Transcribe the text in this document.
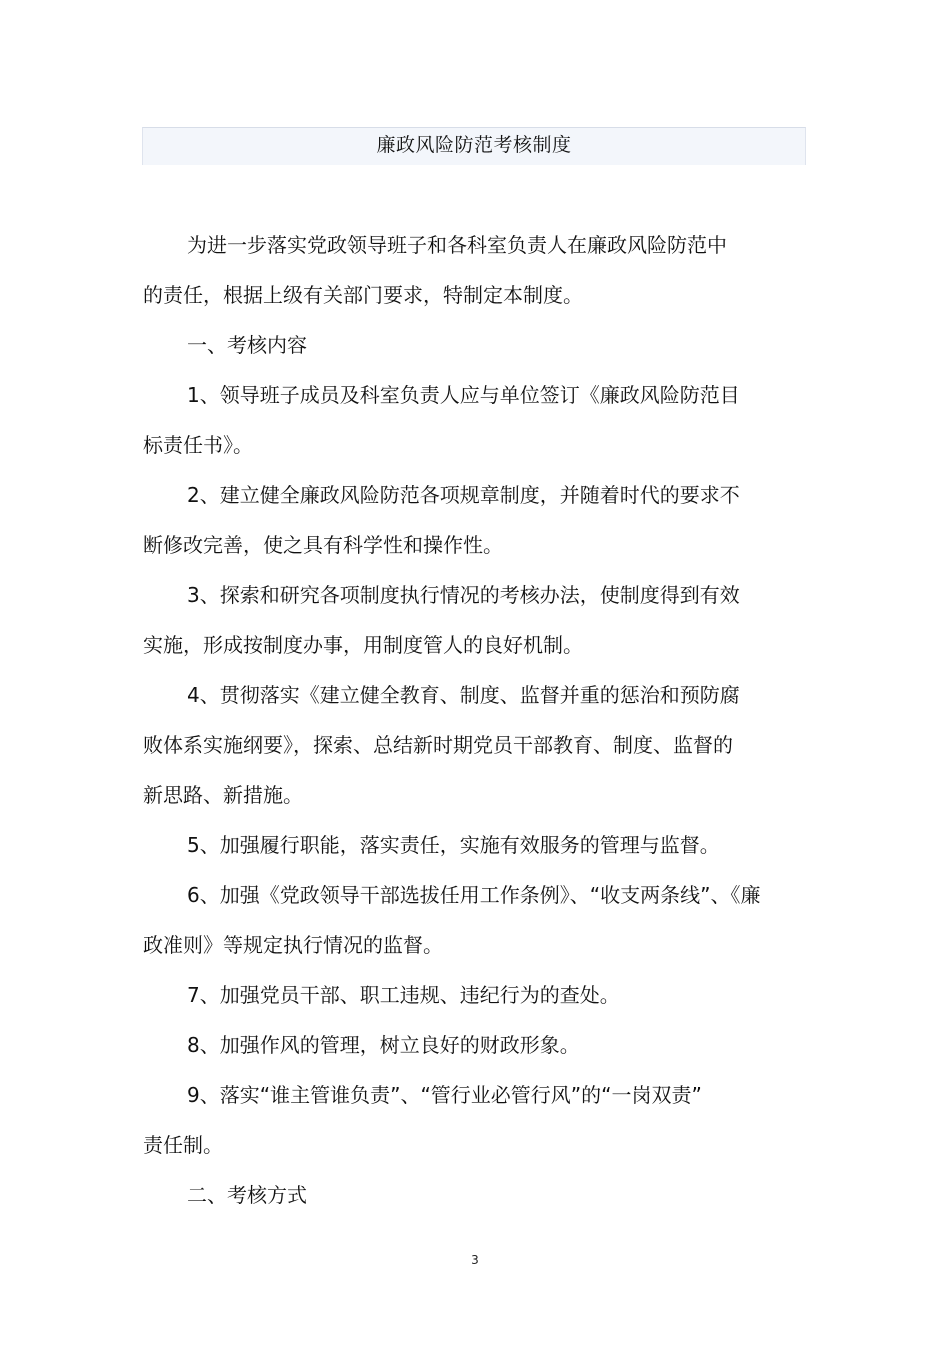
廉政风险防范考核制度
为进一步落实党政领导班子和各科室负责人在廉政风险防范中
的责任，根据上级有关部门要求，特制定本制度。
一、考核内容
1、领导班子成员及科室负责人应与单位签订《廉政风险防范目
标责任书》。
2、建立健全廉政风险防范各项规章制度，并随着时代的要求不
断修改完善，使之具有科学性和操作性。
3、探索和研究各项制度执行情况的考核办法，使制度得到有效
实施，形成按制度办事，用制度管人的良好机制。
4、贯彻落实《建立健全教育、制度、监督并重的惩治和预防腐
败体系实施纲要》，探索、总结新时期党员干部教育、制度、监督的
新思路、新措施。
5、加强履行职能，落实责任，实施有效服务的管理与监督。
6、加强《党政领导干部选拔任用工作条例》、“收支两条线”、《廉
政准则》等规定执行情况的监督。
7、加强党员干部、职工违规、违纪行为的查处。
8、加强作风的管理，树立良好的财政形象。
9、落实“谁主管谁负责”、“管行业必管行风”的“一岗双责”
责任制。
二、考核方式
3
